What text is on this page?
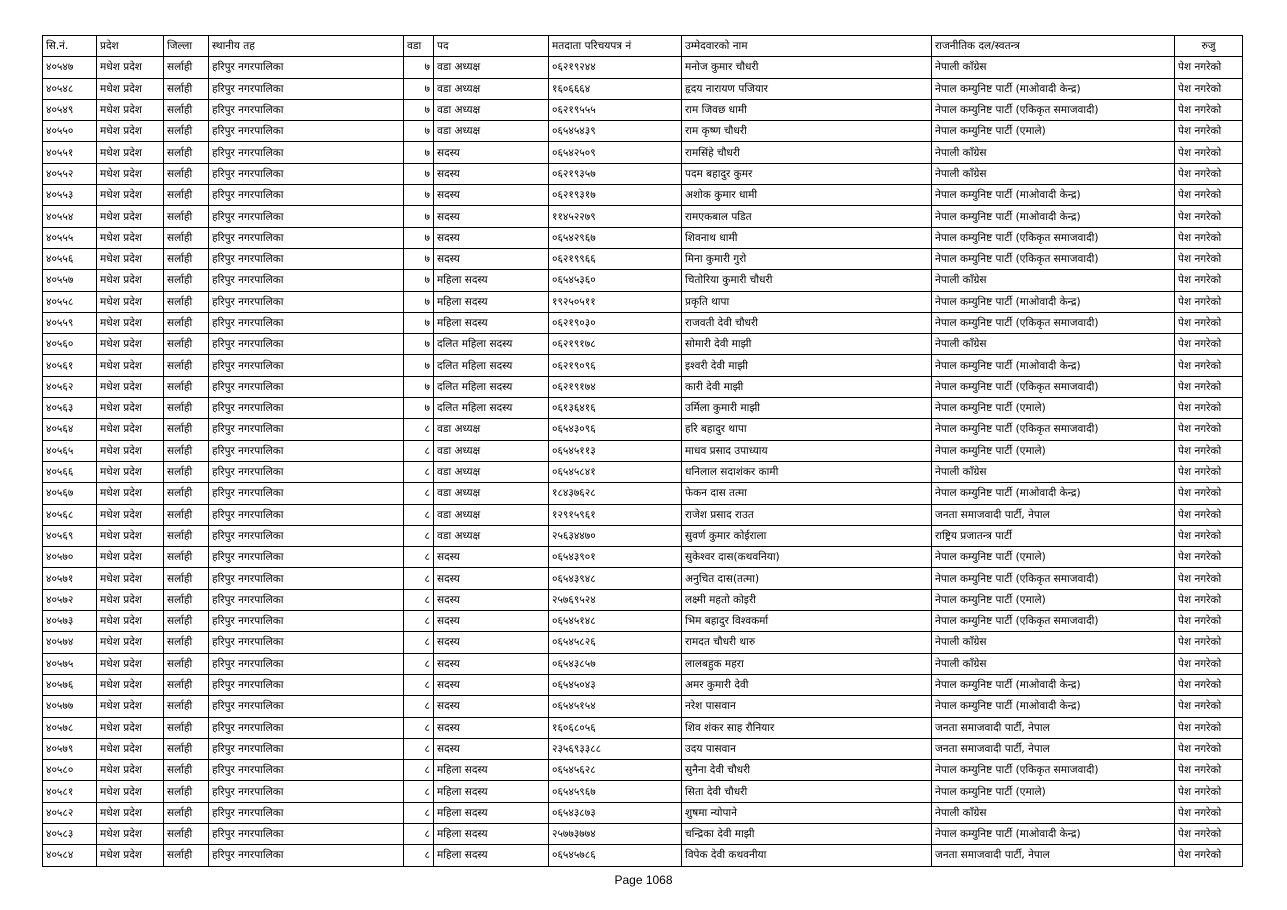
सि.नं.	प्रदेश	जिल्ला	स्थानीय तह	वडा	पद	मतदाता परिचयपत्र नं	उम्मेदवारको नाम	राजनीतिक दल/स्वतन्त्र	रुजु
४०५४७	मधेश प्रदेश	सर्लाही	हरिपुर नगरपालिका	७	वडा अध्यक्ष	०६२१९२४४	मनोज कुमार चौधरी	नेपाली काँग्रेस	पेश नगरेको
४०५४८	मधेश प्रदेश	सर्लाही	हरिपुर नगरपालिका	७	वडा अध्यक्ष	१६०६६६४	हृदय नारायण पजियार	नेपाल कम्युनिष्ट पार्टी (माओवादी केन्द्र)	पेश नगरेको
४०५४९	मधेश प्रदेश	सर्लाही	हरिपुर नगरपालिका	७	वडा अध्यक्ष	०६२१९५५५	राम जिवछ धामी	नेपाल कम्युनिष्ट पार्टी (एकिकृत समाजवादी)	पेश नगरेको
४०५५०	मधेश प्रदेश	सर्लाही	हरिपुर नगरपालिका	७	वडा अध्यक्ष	०६५४५४३९	राम कृष्ण चौधरी	नेपाल कम्युनिष्ट पार्टी (एमाले)	पेश नगरेको
४०५५१	मधेश प्रदेश	सर्लाही	हरिपुर नगरपालिका	७	सदस्य	०६५४२५०९	रामसिंहे चौधरी	नेपाली काँग्रेस	पेश नगरेको
४०५५२	मधेश प्रदेश	सर्लाही	हरिपुर नगरपालिका	७	सदस्य	०६२१९३५७	पदम बहादुर कुमर	नेपाली काँग्रेस	पेश नगरेको
४०५५३	मधेश प्रदेश	सर्लाही	हरिपुर नगरपालिका	७	सदस्य	०६२१९३१७	अशोक कुमार धामी	नेपाल कम्युनिष्ट पार्टी (माओवादी केन्द्र)	पेश नगरेको
४०५५४	मधेश प्रदेश	सर्लाही	हरिपुर नगरपालिका	७	सदस्य	११४५२२७९	रामएकबाल पडित	नेपाल कम्युनिष्ट पार्टी (माओवादी केन्द्र)	पेश नगरेको
४०५५५	मधेश प्रदेश	सर्लाही	हरिपुर नगरपालिका	७	सदस्य	०६५४२९६७	शिवनाथ धामी	नेपाल कम्युनिष्ट पार्टी (एकिकृत समाजवादी)	पेश नगरेको
४०५५६	मधेश प्रदेश	सर्लाही	हरिपुर नगरपालिका	७	सदस्य	०६२१९९६६	मिना कुमारी गुरो	नेपाल कम्युनिष्ट पार्टी (एकिकृत समाजवादी)	पेश नगरेको
४०५५७	मधेश प्रदेश	सर्लाही	हरिपुर नगरपालिका	७	महिला सदस्य	०६५४५३६०	चितोरिया कुमारी चौधरी	नेपाली काँग्रेस	पेश नगरेको
४०५५८	मधेश प्रदेश	सर्लाही	हरिपुर नगरपालिका	७	महिला सदस्य	१९२५०५११	प्रकृति थापा	नेपाल कम्युनिष्ट पार्टी (माओवादी केन्द्र)	पेश नगरेको
४०५५९	मधेश प्रदेश	सर्लाही	हरिपुर नगरपालिका	७	महिला सदस्य	०६२१९०३०	राजवती देवी चौधरी	नेपाल कम्युनिष्ट पार्टी (एकिकृत समाजवादी)	पेश नगरेको
४०५६०	मधेश प्रदेश	सर्लाही	हरिपुर नगरपालिका	७	दलित महिला सदस्य	०६२१९१७८	सोमारी देवी माझी	नेपाली काँग्रेस	पेश नगरेको
४०५६१	मधेश प्रदेश	सर्लाही	हरिपुर नगरपालिका	७	दलित महिला सदस्य	०६२१९०९६	इश्वरी देवी माझी	नेपाल कम्युनिष्ट पार्टी (माओवादी केन्द्र)	पेश नगरेको
४०५६२	मधेश प्रदेश	सर्लाही	हरिपुर नगरपालिका	७	दलित महिला सदस्य	०६२१९१७४	कारी देवी माझी	नेपाल कम्युनिष्ट पार्टी (एकिकृत समाजवादी)	पेश नगरेको
४०५६३	मधेश प्रदेश	सर्लाही	हरिपुर नगरपालिका	७	दलित महिला सदस्य	०६१३६४१६	उर्मिला कुमारी माझी	नेपाल कम्युनिष्ट पार्टी (एमाले)	पेश नगरेको
४०५६४	मधेश प्रदेश	सर्लाही	हरिपुर नगरपालिका	८	वडा अध्यक्ष	०६५४३०९६	हरि बहादुर थापा	नेपाल कम्युनिष्ट पार्टी (एकिकृत समाजवादी)	पेश नगरेको
४०५६५	मधेश प्रदेश	सर्लाही	हरिपुर नगरपालिका	८	वडा अध्यक्ष	०६५४५११३	माधव प्रसाद उपाध्याय	नेपाल कम्युनिष्ट पार्टी (एमाले)	पेश नगरेको
४०५६६	मधेश प्रदेश	सर्लाही	हरिपुर नगरपालिका	८	वडा अध्यक्ष	०६५४५८४१	धनिलाल सदाशंकर कामी	नेपाली काँग्रेस	पेश नगरेको
४०५६७	मधेश प्रदेश	सर्लाही	हरिपुर नगरपालिका	८	वडा अध्यक्ष	१८४३७६२८	फेकन दास तत्मा	नेपाल कम्युनिष्ट पार्टी (माओवादी केन्द्र)	पेश नगरेको
४०५६८	मधेश प्रदेश	सर्लाही	हरिपुर नगरपालिका	८	वडा अध्यक्ष	१२९१५९६१	राजेश प्रसाद राउत	जनता समाजवादी पार्टी, नेपाल	पेश नगरेको
४०५६९	मधेश प्रदेश	सर्लाही	हरिपुर नगरपालिका	८	वडा अध्यक्ष	२५६३४४७०	सुवर्ण कुमार कोईराला	राष्ट्रिय प्रजातन्त्र पार्टी	पेश नगरेको
४०५७०	मधेश प्रदेश	सर्लाही	हरिपुर नगरपालिका	८	सदस्य	०६५४३९०१	सुकेश्वर दास(कथवनिया)	नेपाल कम्युनिष्ट पार्टी (एमाले)	पेश नगरेको
४०५७१	मधेश प्रदेश	सर्लाही	हरिपुर नगरपालिका	८	सदस्य	०६५४३९४८	अनुचित दास(तत्मा)	नेपाल कम्युनिष्ट पार्टी (एकिकृत समाजवादी)	पेश नगरेको
४०५७२	मधेश प्रदेश	सर्लाही	हरिपुर नगरपालिका	८	सदस्य	२५७६९५२४	लक्ष्मी महतो कोइरी	नेपाल कम्युनिष्ट पार्टी (एमाले)	पेश नगरेको
४०५७३	मधेश प्रदेश	सर्लाही	हरिपुर नगरपालिका	८	सदस्य	०६५४५१४८	भिम बहादुर विश्वकर्मा	नेपाल कम्युनिष्ट पार्टी (एकिकृत समाजवादी)	पेश नगरेको
४०५७४	मधेश प्रदेश	सर्लाही	हरिपुर नगरपालिका	८	सदस्य	०६५४५८२६	रामदत चौधरी थारु	नेपाली काँग्रेस	पेश नगरेको
४०५७५	मधेश प्रदेश	सर्लाही	हरिपुर नगरपालिका	८	सदस्य	०६५४३८५७	लालबहुक महरा	नेपाली काँग्रेस	पेश नगरेको
४०५७६	मधेश प्रदेश	सर्लाही	हरिपुर नगरपालिका	८	सदस्य	०६५४५०४३	अमर कुमारी देवी	नेपाल कम्युनिष्ट पार्टी (माओवादी केन्द्र)	पेश नगरेको
४०५७७	मधेश प्रदेश	सर्लाही	हरिपुर नगरपालिका	८	सदस्य	०६५४५१५४	नरेश पासवान	नेपाल कम्युनिष्ट पार्टी (माओवादी केन्द्र)	पेश नगरेको
४०५७८	मधेश प्रदेश	सर्लाही	हरिपुर नगरपालिका	८	सदस्य	१६०६८०५६	शिव शंकर साह रौनियार	जनता समाजवादी पार्टी, नेपाल	पेश नगरेको
४०५७९	मधेश प्रदेश	सर्लाही	हरिपुर नगरपालिका	८	सदस्य	२३५६९३३८८	उदय पासवान	जनता समाजवादी पार्टी, नेपाल	पेश नगरेको
४०५८०	मधेश प्रदेश	सर्लाही	हरिपुर नगरपालिका	८	महिला सदस्य	०६५४५६२८	सुनैना देवी चौधरी	नेपाल कम्युनिष्ट पार्टी (एकिकृत समाजवादी)	पेश नगरेको
४०५८१	मधेश प्रदेश	सर्लाही	हरिपुर नगरपालिका	८	महिला सदस्य	०६५४५९६७	सिता देवी चौधरी	नेपाल कम्युनिष्ट पार्टी (एमाले)	पेश नगरेको
४०५८२	मधेश प्रदेश	सर्लाही	हरिपुर नगरपालिका	८	महिला सदस्य	०६५४३८७३	शुषमा न्योपाने	नेपाली काँग्रेस	पेश नगरेको
४०५८३	मधेश प्रदेश	सर्लाही	हरिपुर नगरपालिका	८	महिला सदस्य	२५७७३७७४	चन्द्रिका देवी माझी	नेपाल कम्युनिष्ट पार्टी (माओवादी केन्द्र)	पेश नगरेको
४०५८४	मधेश प्रदेश	सर्लाही	हरिपुर नगरपालिका	८	महिला सदस्य	०६५४५७८६	विपेक देवी कथवनीया	जनता समाजवादी पार्टी, नेपाल	पेश नगरेको
Page 1068
